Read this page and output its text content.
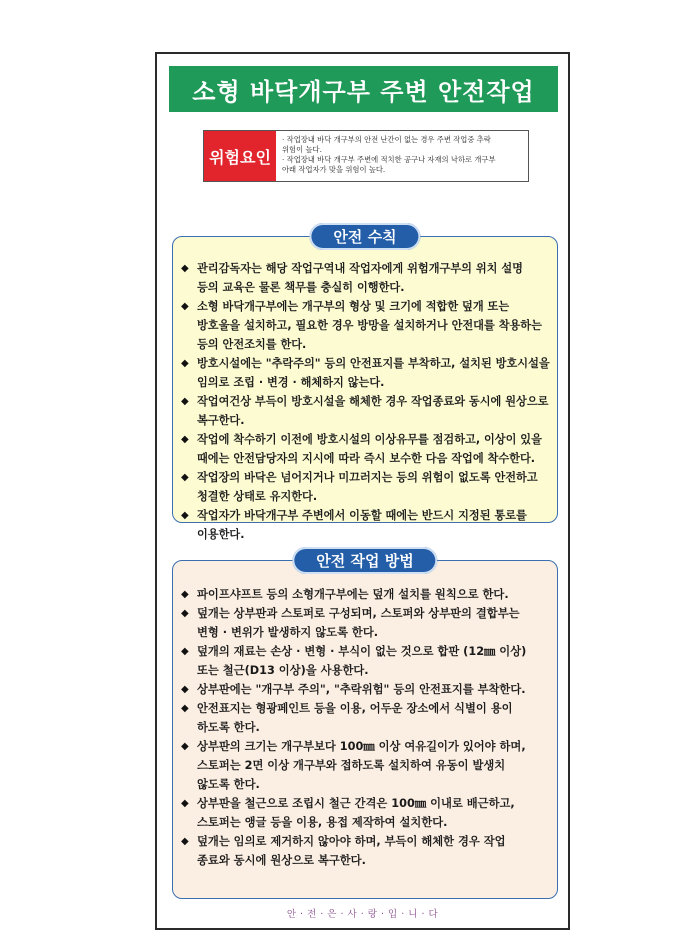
소형 바닥개구부 주변 안전작업
위험요인
· 작업장내 바닥 개구부의 안전 난간이 없는 경우 주변 작업중 추락
위험이 높다.
· 작업장내 바닥 개구부 주변에 적치한 공구나 자재의 낙하로 개구부
아래 작업자가 맞을 위험이 높다.
안전 수칙
◆ 관리감독자는 해당 작업구역내 작업자에게 위험개구부의 위치 설명
등의 교육은 물론 책무를 충실히 이행한다.
◆ 소형 바닥개구부에는 개구부의 형상 및 크기에 적합한 덮개 또는
방호울을 설치하고, 필요한 경우 방망을 설치하거나 안전대를 착용하는
등의 안전조치를 한다.
◆ 방호시설에는 "추락주의" 등의 안전표지를 부착하고, 설치된 방호시설을
임의로 조립 · 변경 · 해체하지 않는다.
◆ 작업여건상 부득이 방호시설을 해체한 경우 작업종료와 동시에 원상으로
복구한다.
◆ 작업에 착수하기 이전에 방호시설의 이상유무를 점검하고, 이상이 있을
때에는 안전담당자의 지시에 따라 즉시 보수한 다음 작업에 착수한다.
◆ 작업장의 바닥은 넘어지거나 미끄러지는 등의 위험이 없도록 안전하고
청결한 상태로 유지한다.
◆ 작업자가 바닥개구부 주변에서 이동할 때에는 반드시 지정된 통로를
이용한다.
안전 작업 방법
◆ 파이프샤프트 등의 소형개구부에는 덮개 설치를 원칙으로 한다.
◆ 덮개는 상부판과 스토퍼로 구성되며, 스토퍼와 상부판의 결합부는
변형 · 변위가 발생하지 않도록 한다.
◆ 덮개의 재료는 손상 · 변형 · 부식이 없는 것으로 합판 (12㎜ 이상)
또는 철근(D13 이상)을 사용한다.
◆ 상부판에는 "개구부 주의", "추락위험" 등의 안전표지를 부착한다.
◆ 안전표지는 형광페인트 등을 이용, 어두운 장소에서 식별이 용이
하도록 한다.
◆ 상부판의 크기는 개구부보다 100㎜ 이상 여유길이가 있어야 하며,
스토퍼는 2면 이상 개구부와 접하도록 설치하여 유동이 발생치
않도록 한다.
◆ 상부판을 철근으로 조립시 철근 간격은 100㎜ 이내로 배근하고,
스토퍼는 앵글 등을 이용, 용접 제작하여 설치한다.
◆ 덮개는 임의로 제거하지 않아야 하며, 부득이 해체한 경우 작업
종료와 동시에 원상으로 복구한다.
안 · 전 · 은 · 사 · 랑 · 입 · 니 · 다
